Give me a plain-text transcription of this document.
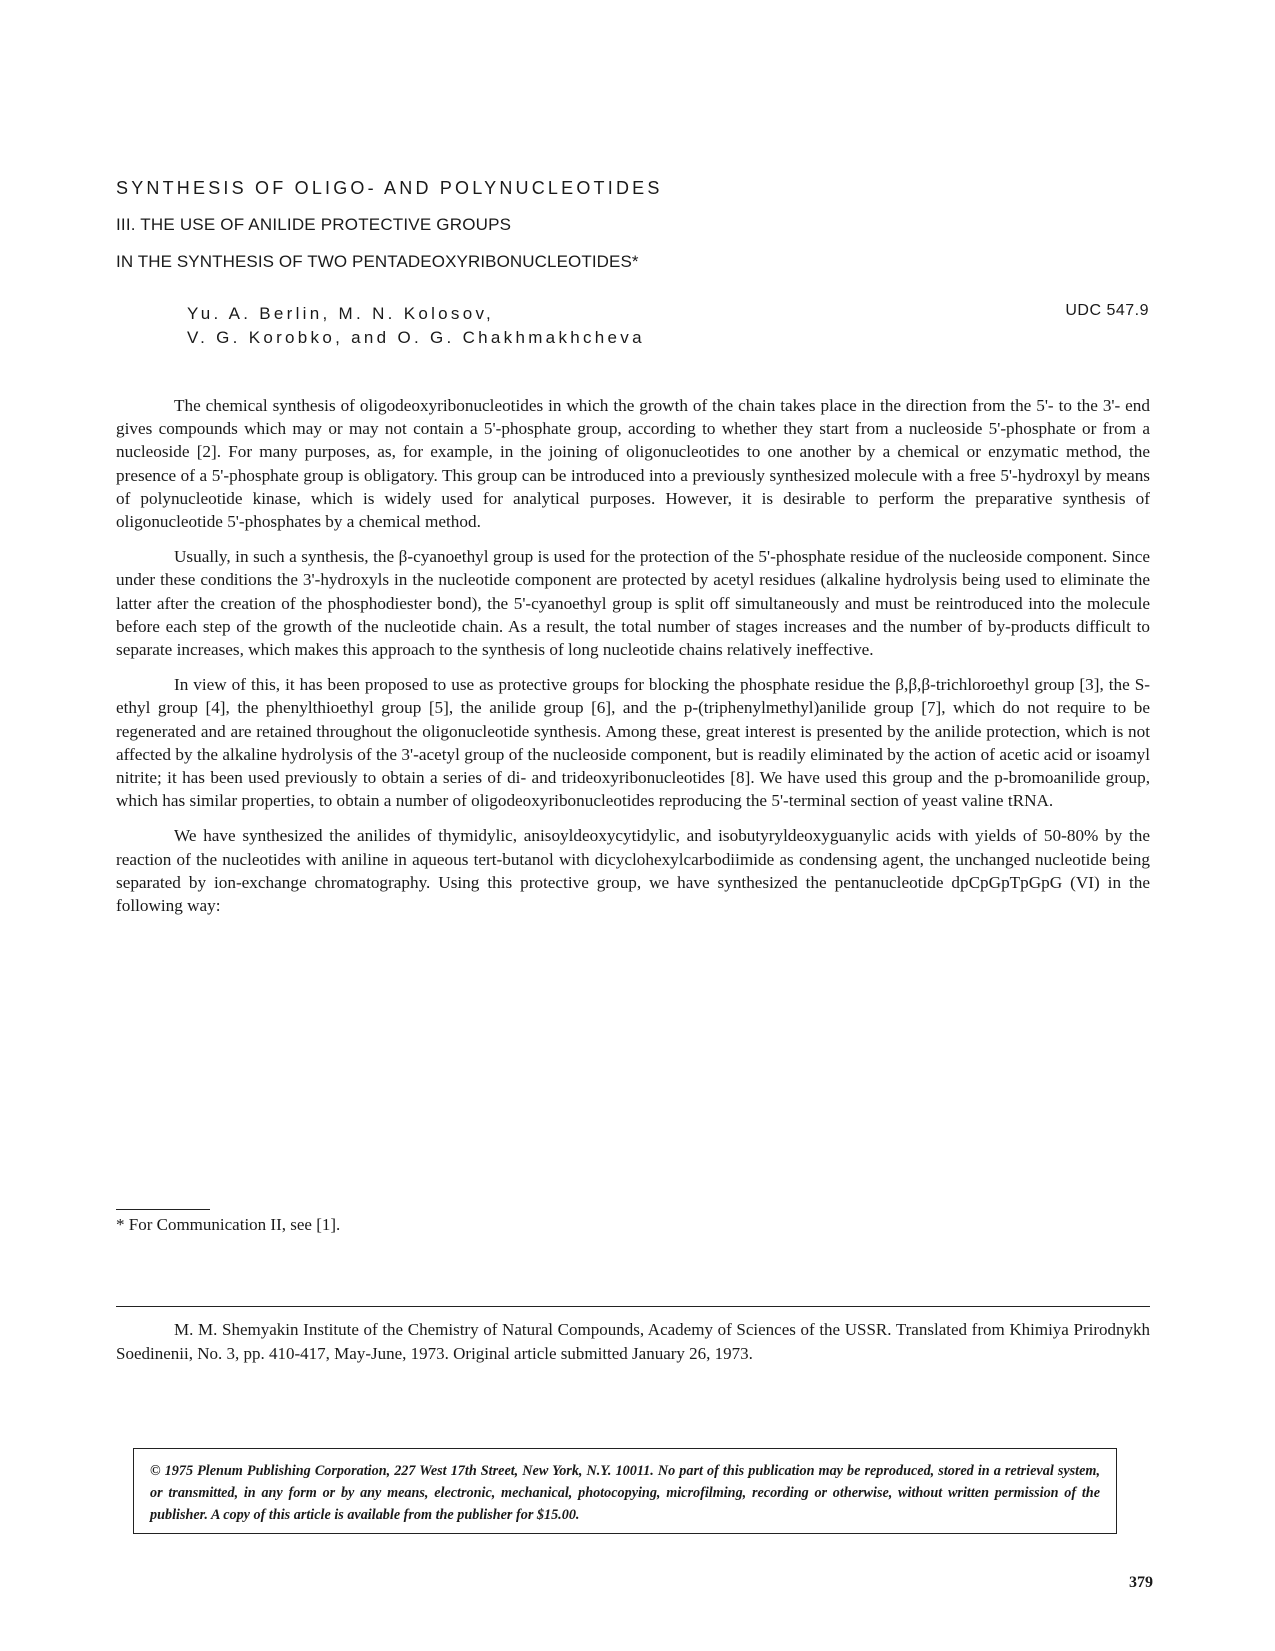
SYNTHESIS OF OLIGO- AND POLYNUCLEOTIDES
III. THE USE OF ANILIDE PROTECTIVE GROUPS
IN THE SYNTHESIS OF TWO PENTADEOXYRIBONUCLEOTIDES*
Yu. A. Berlin, M. N. Kolosov,
V. G. Korobko, and O. G. Chakhmakhcheva
UDC 547.9

The chemical synthesis of oligodeoxyribonucleotides in which the growth of the chain takes place in the direction from the 5'- to the 3'- end gives compounds which may or may not contain a 5'-phosphate group, according to whether they start from a nucleoside 5'-phosphate or from a nucleoside [2]. For many purposes, as, for example, in the joining of oligonucleotides to one another by a chemical or enzymatic method, the presence of a 5'-phosphate group is obligatory. This group can be introduced into a previously synthesized molecule with a free 5'-hydroxyl by means of polynucleotide kinase, which is widely used for analytical purposes. However, it is desirable to perform the preparative synthesis of oligonucleotide 5'-phosphates by a chemical method.

Usually, in such a synthesis, the β-cyanoethyl group is used for the protection of the 5'-phosphate residue of the nucleoside component. Since under these conditions the 3'-hydroxyls in the nucleotide component are protected by acetyl residues (alkaline hydrolysis being used to eliminate the latter after the creation of the phosphodiester bond), the 5'-cyanoethyl group is split off simultaneously and must be reintroduced into the molecule before each step of the growth of the nucleotide chain. As a result, the total number of stages increases and the number of by-products difficult to separate increases, which makes this approach to the synthesis of long nucleotide chains relatively ineffective.

In view of this, it has been proposed to use as protective groups for blocking the phosphate residue the β,β,β-trichloroethyl group [3], the S-ethyl group [4], the phenylthioethyl group [5], the anilide group [6], and the p-(triphenylmethyl)anilide group [7], which do not require to be regenerated and are retained throughout the oligonucleotide synthesis. Among these, great interest is presented by the anilide protection, which is not affected by the alkaline hydrolysis of the 3'-acetyl group of the nucleoside component, but is readily eliminated by the action of acetic acid or isoamyl nitrite; it has been used previously to obtain a series of di- and trideoxyribonucleotides [8]. We have used this group and the p-bromoanilide group, which has similar properties, to obtain a number of oligodeoxyribonucleotides reproducing the 5'-terminal section of yeast valine tRNA.

We have synthesized the anilides of thymidylic, anisoyldeoxycytidylic, and isobutyryldeoxyguanylic acids with yields of 50-80% by the reaction of the nucleotides with aniline in aqueous tert-butanol with dicyclohexylcarbodiimide as condensing agent, the unchanged nucleotide being separated by ion-exchange chromatography. Using this protective group, we have synthesized the pentanucleotide dpCpGpTpGpG (VI) in the following way:

* For Communication II, see [1].

M. M. Shemyakin Institute of the Chemistry of Natural Compounds, Academy of Sciences of the USSR. Translated from Khimiya Prirodnykh Soedinenii, No. 3, pp. 410-417, May-June, 1973. Original article submitted January 26, 1973.

© 1975 Plenum Publishing Corporation, 227 West 17th Street, New York, N.Y. 10011. No part of this publication may be reproduced, stored in a retrieval system, or transmitted, in any form or by any means, electronic, mechanical, photocopying, microfilming, recording or otherwise, without written permission of the publisher. A copy of this article is available from the publisher for $15.00.
379
